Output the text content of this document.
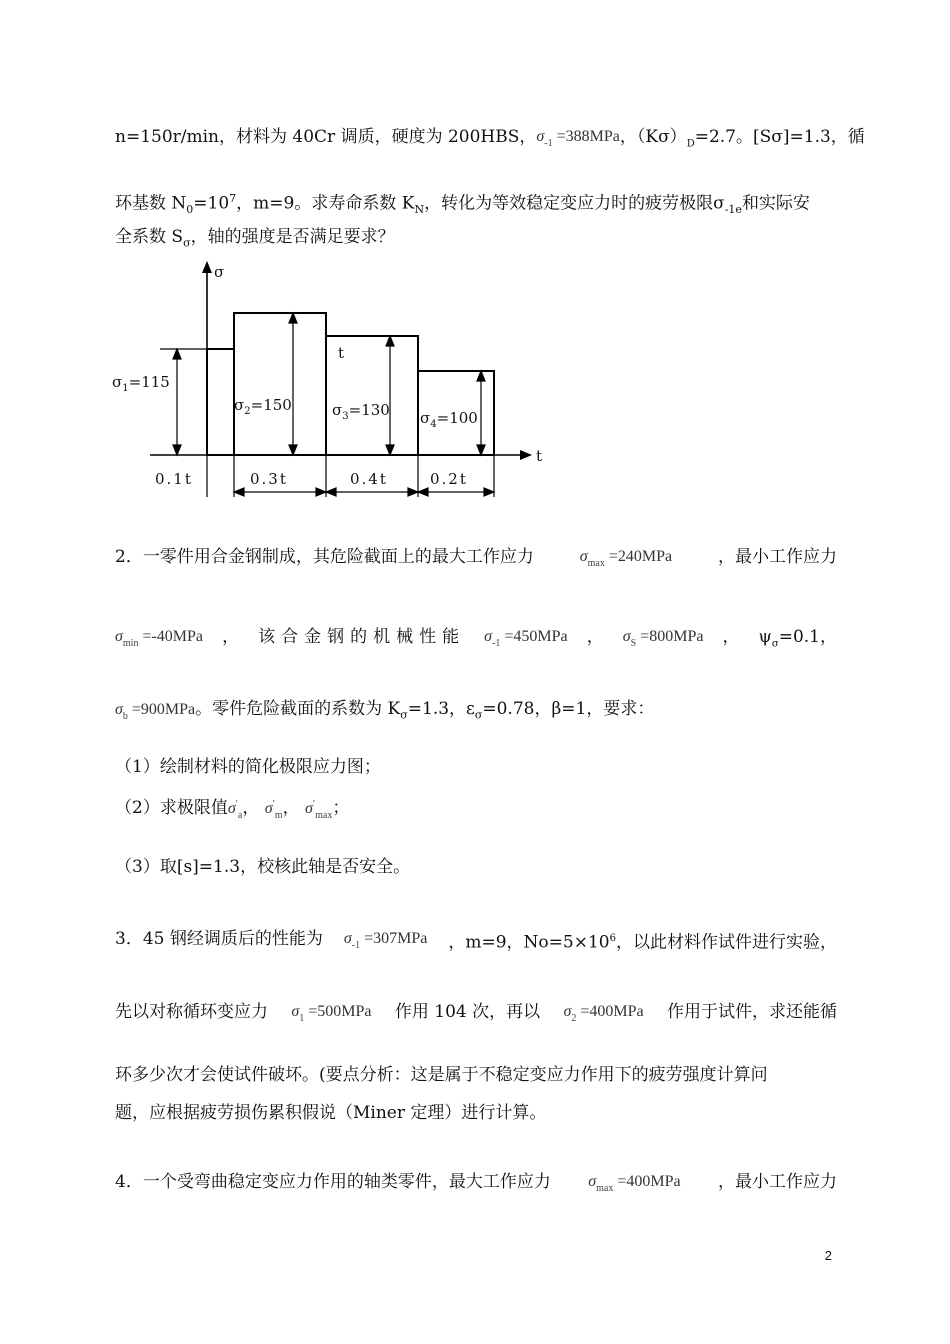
n=150r/min，材料为 40Cr 调质，硬度为 200HBS， $\sigma_{-1} =388MPa$ ，$(K\sigma)_D=2.7$。[Sσ]=1.3，循
环基数 $N_0=10^7$，m=9。求寿命系数 $K_N$，转化为等效稳定变应力时的疲劳极限$\sigma_{-1e}$和实际安
全系数 $S_\sigma$，轴的强度是否满足要求？
σ
t
$\sigma_1=115$
$\sigma_2=150$	$\sigma_3=130$ $\sigma_4=100$
t
0.1t	0.3t	0.4t	0.2t
2．一零件用合金钢制成，其危险截面上的最大工作应力	$\sigma_{max} =240MPa$	，最小工作应力
$\sigma_{min} =-40MPa$ ， 该合金钢的机械性能 $\sigma_{-1} =450MPa$ ， $\sigma_S =800MPa$ ， $\psi_\sigma=0.1$，
$\sigma_b =900MPa$。零件危险截面的系数为 $K_\sigma=1.3$，$\varepsilon_\sigma=0.78$，β=1，要求：
（1）绘制材料的简化极限应力图；
（2）求极限值$\sigma'_a$， $\sigma'_m$， $\sigma'_{max}$；
（3）取[s]=1.3，校核此轴是否安全。
3．45 钢经调质后的性能为 $\sigma_{-1} =307MPa$ ，m=9，$No=5\times 10^6$，以此材料作试件进行实验，
先以对称循环变应力 $\sigma_1 =500MPa$ 作用 104 次，再以 $\sigma_2 =400MPa$ 作用于试件，求还能循
环多少次才会使试件破坏。(要点分析：这是属于不稳定变应力作用下的疲劳强度计算问
题，应根据疲劳损伤累积假说（Miner 定理）进行计算。
4．一个受弯曲稳定变应力作用的轴类零件，最大工作应力 $\sigma_{max} =400MPa$ ，最小工作应力
2
